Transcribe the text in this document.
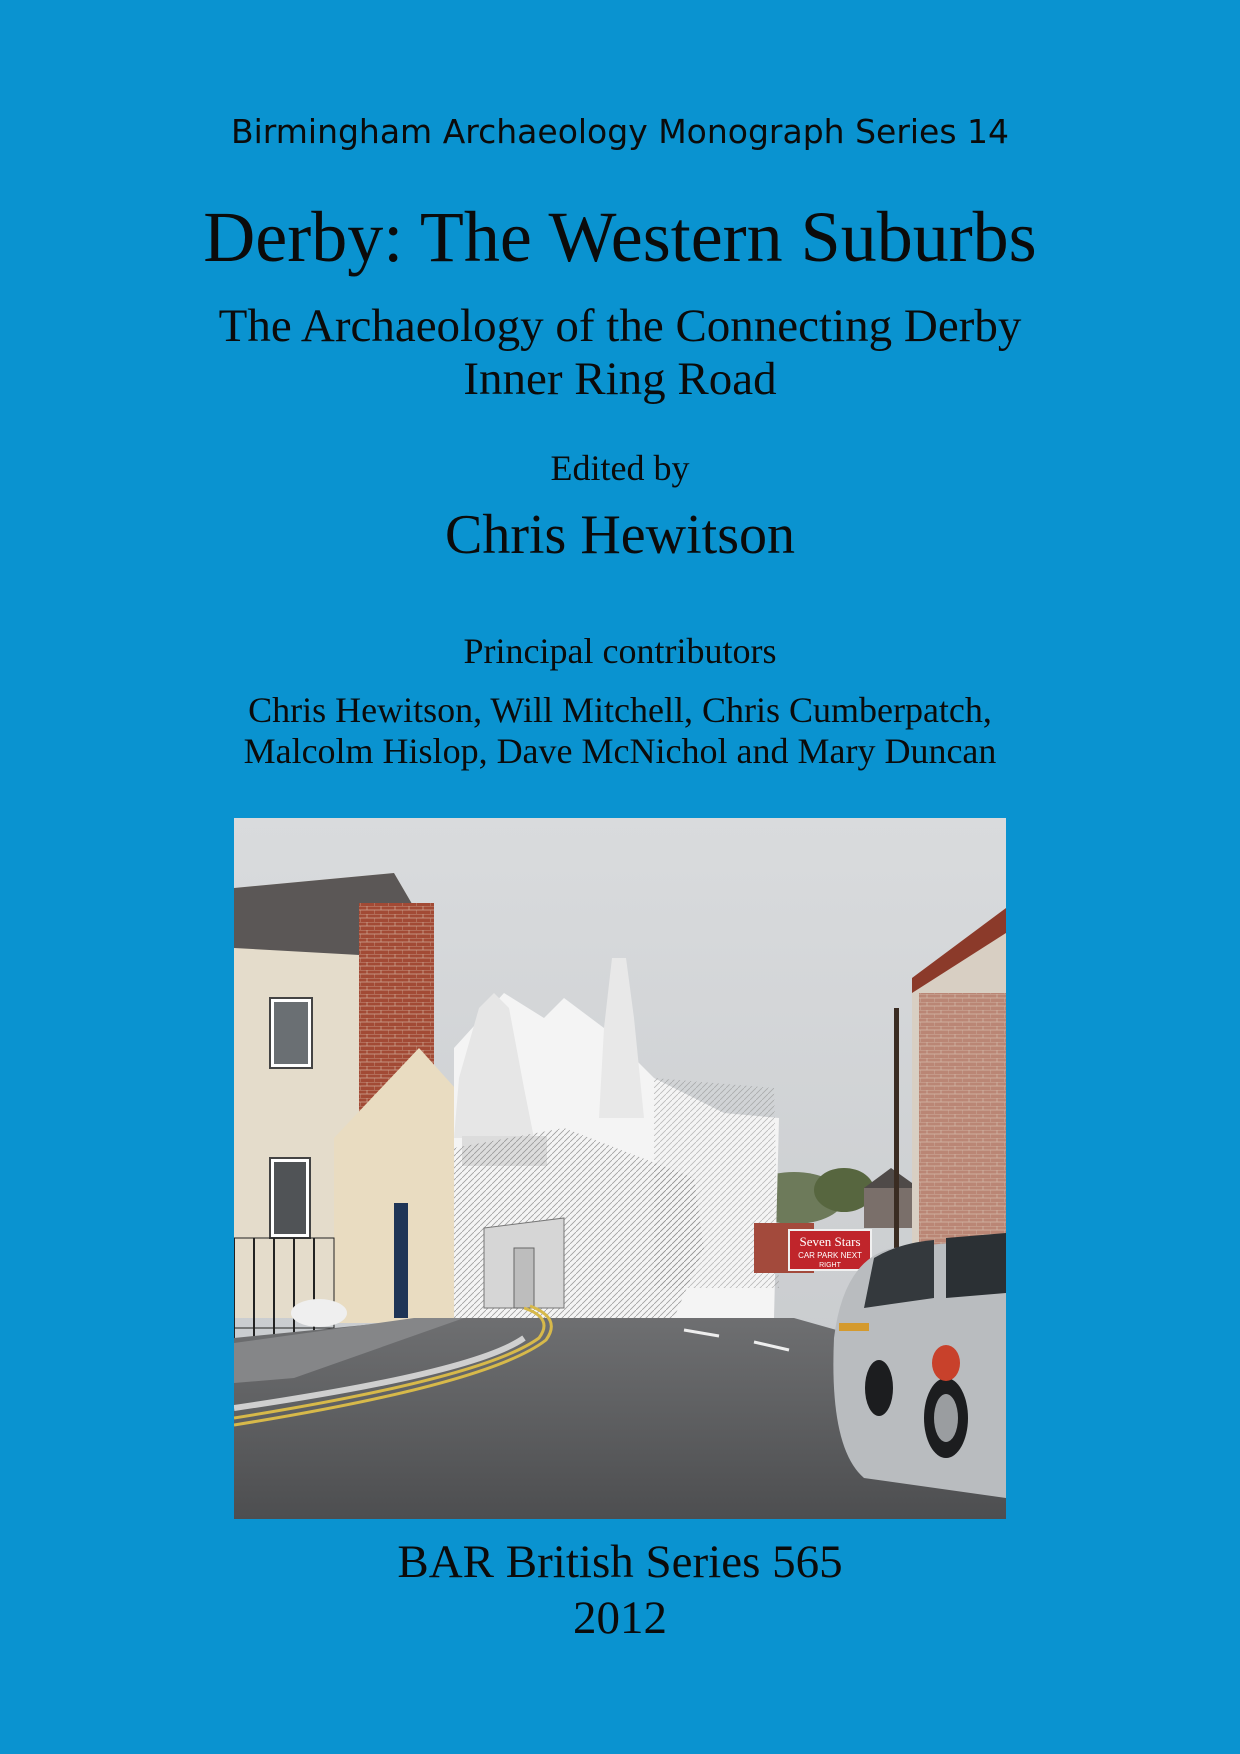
Birmingham Archaeology Monograph Series 14
Derby: The Western Suburbs
The Archaeology of the Connecting Derby
Inner Ring Road
Edited by
Chris Hewitson
Principal contributors
Chris Hewitson, Will Mitchell, Chris Cumberpatch,
Malcolm Hislop, Dave McNichol and Mary Duncan
Seven Stars
CAR PARK NEXT
RIGHT
BAR British Series 565
2012
